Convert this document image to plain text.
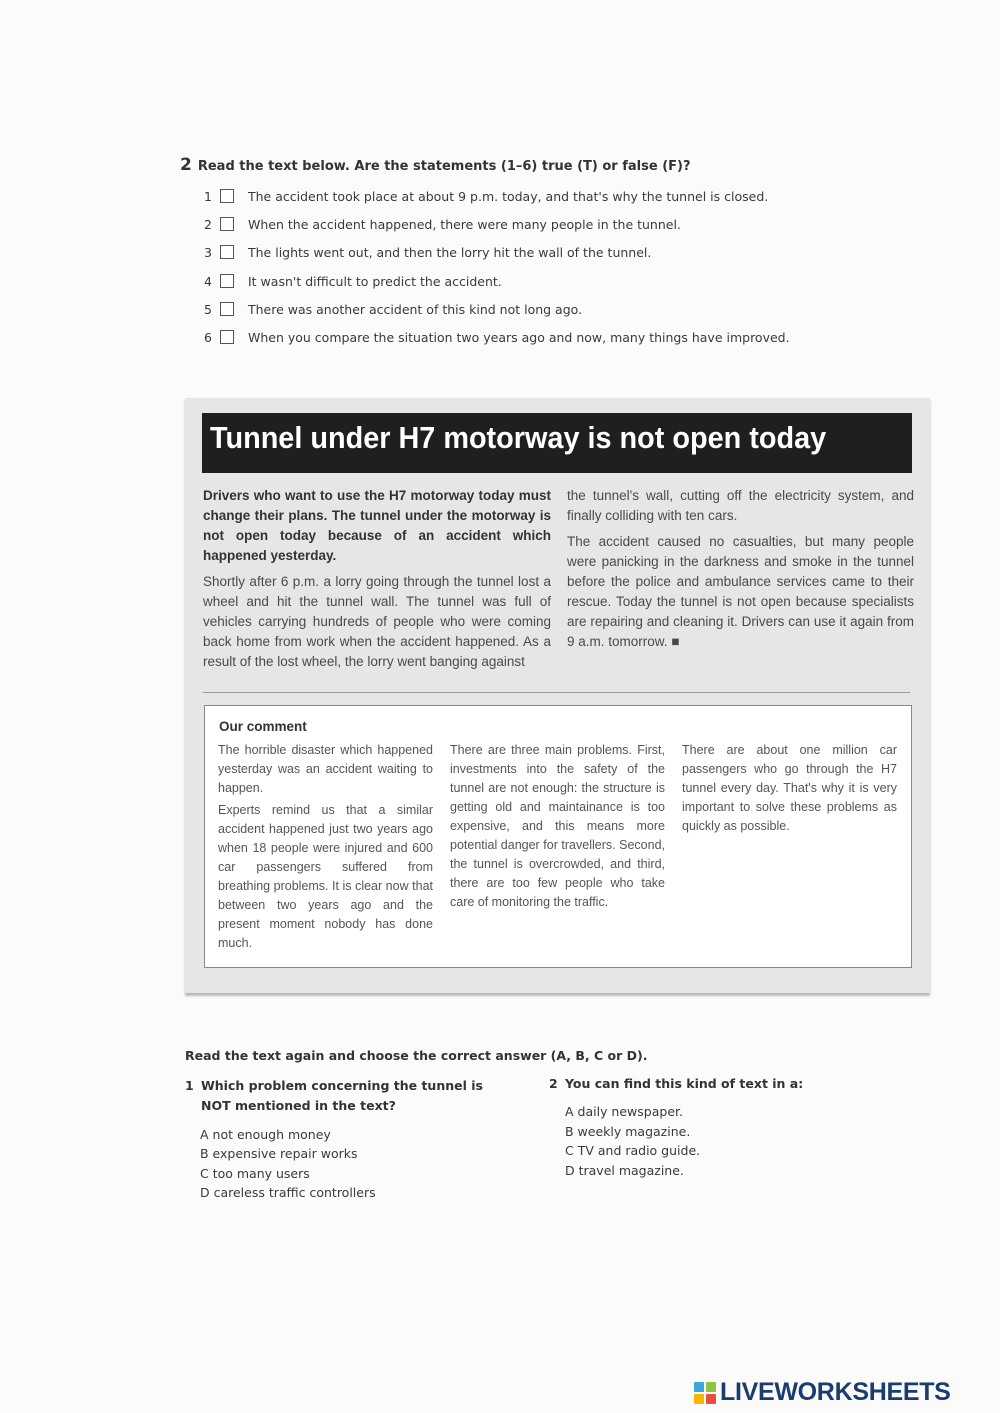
2 Read the text below. Are the statements (1–6) true (T) or false (F)?
1	The accident took place at about 9 p.m. today, and that's why the tunnel is closed.
2	When the accident happened, there were many people in the tunnel.
3	The lights went out, and then the lorry hit the wall of the tunnel.
4	It wasn't difficult to predict the accident.
5	There was another accident of this kind not long ago.
6	When you compare the situation two years ago and now, many things have improved.
Tunnel under H7 motorway is not open today

Drivers who want to use the H7 motorway today must change their plans. The tunnel under the motorway is not open today because of an accident which happened yesterday.

Shortly after 6 p.m. a lorry going through the tunnel lost a wheel and hit the tunnel wall. The tunnel was full of vehicles carrying hundreds of people who were coming back home from work when the accident happened. As a result of the lost wheel, the lorry went banging against

the tunnel's wall, cutting off the electricity system, and finally colliding with ten cars.

The accident caused no casualties, but many people were panicking in the darkness and smoke in the tunnel before the police and ambulance services came to their rescue. Today the tunnel is not open because specialists are repairing and cleaning it. Drivers can use it again from 9 a.m. tomorrow. ■

Our comment

The horrible disaster which happened yesterday was an accident waiting to happen.

Experts remind us that a similar accident happened just two years ago when 18 people were injured and 600 car passengers suffered from breathing problems. It is clear now that between two years ago and the present moment nobody has done much.

There are three main problems. First, investments into the safety of the tunnel are not enough: the structure is getting old and maintainance is too expensive, and this means more potential danger for travellers. Second, the tunnel is overcrowded, and third, there are too few people who take care of monitoring the traffic.

There are about one million car passengers who go through the H7 tunnel every day. That's why it is very important to solve these problems as quickly as possible.

Read the text again and choose the correct answer (A, B, C or D).
1 Which problem concerning the tunnel is
NOT mentioned in the text?
A not enough money
B expensive repair works
C too many users
D careless traffic controllers
2 You can find this kind of text in a:
A daily newspaper.
B weekly magazine.
C TV and radio guide.
D travel magazine.
LIVEWORKSHEETS
